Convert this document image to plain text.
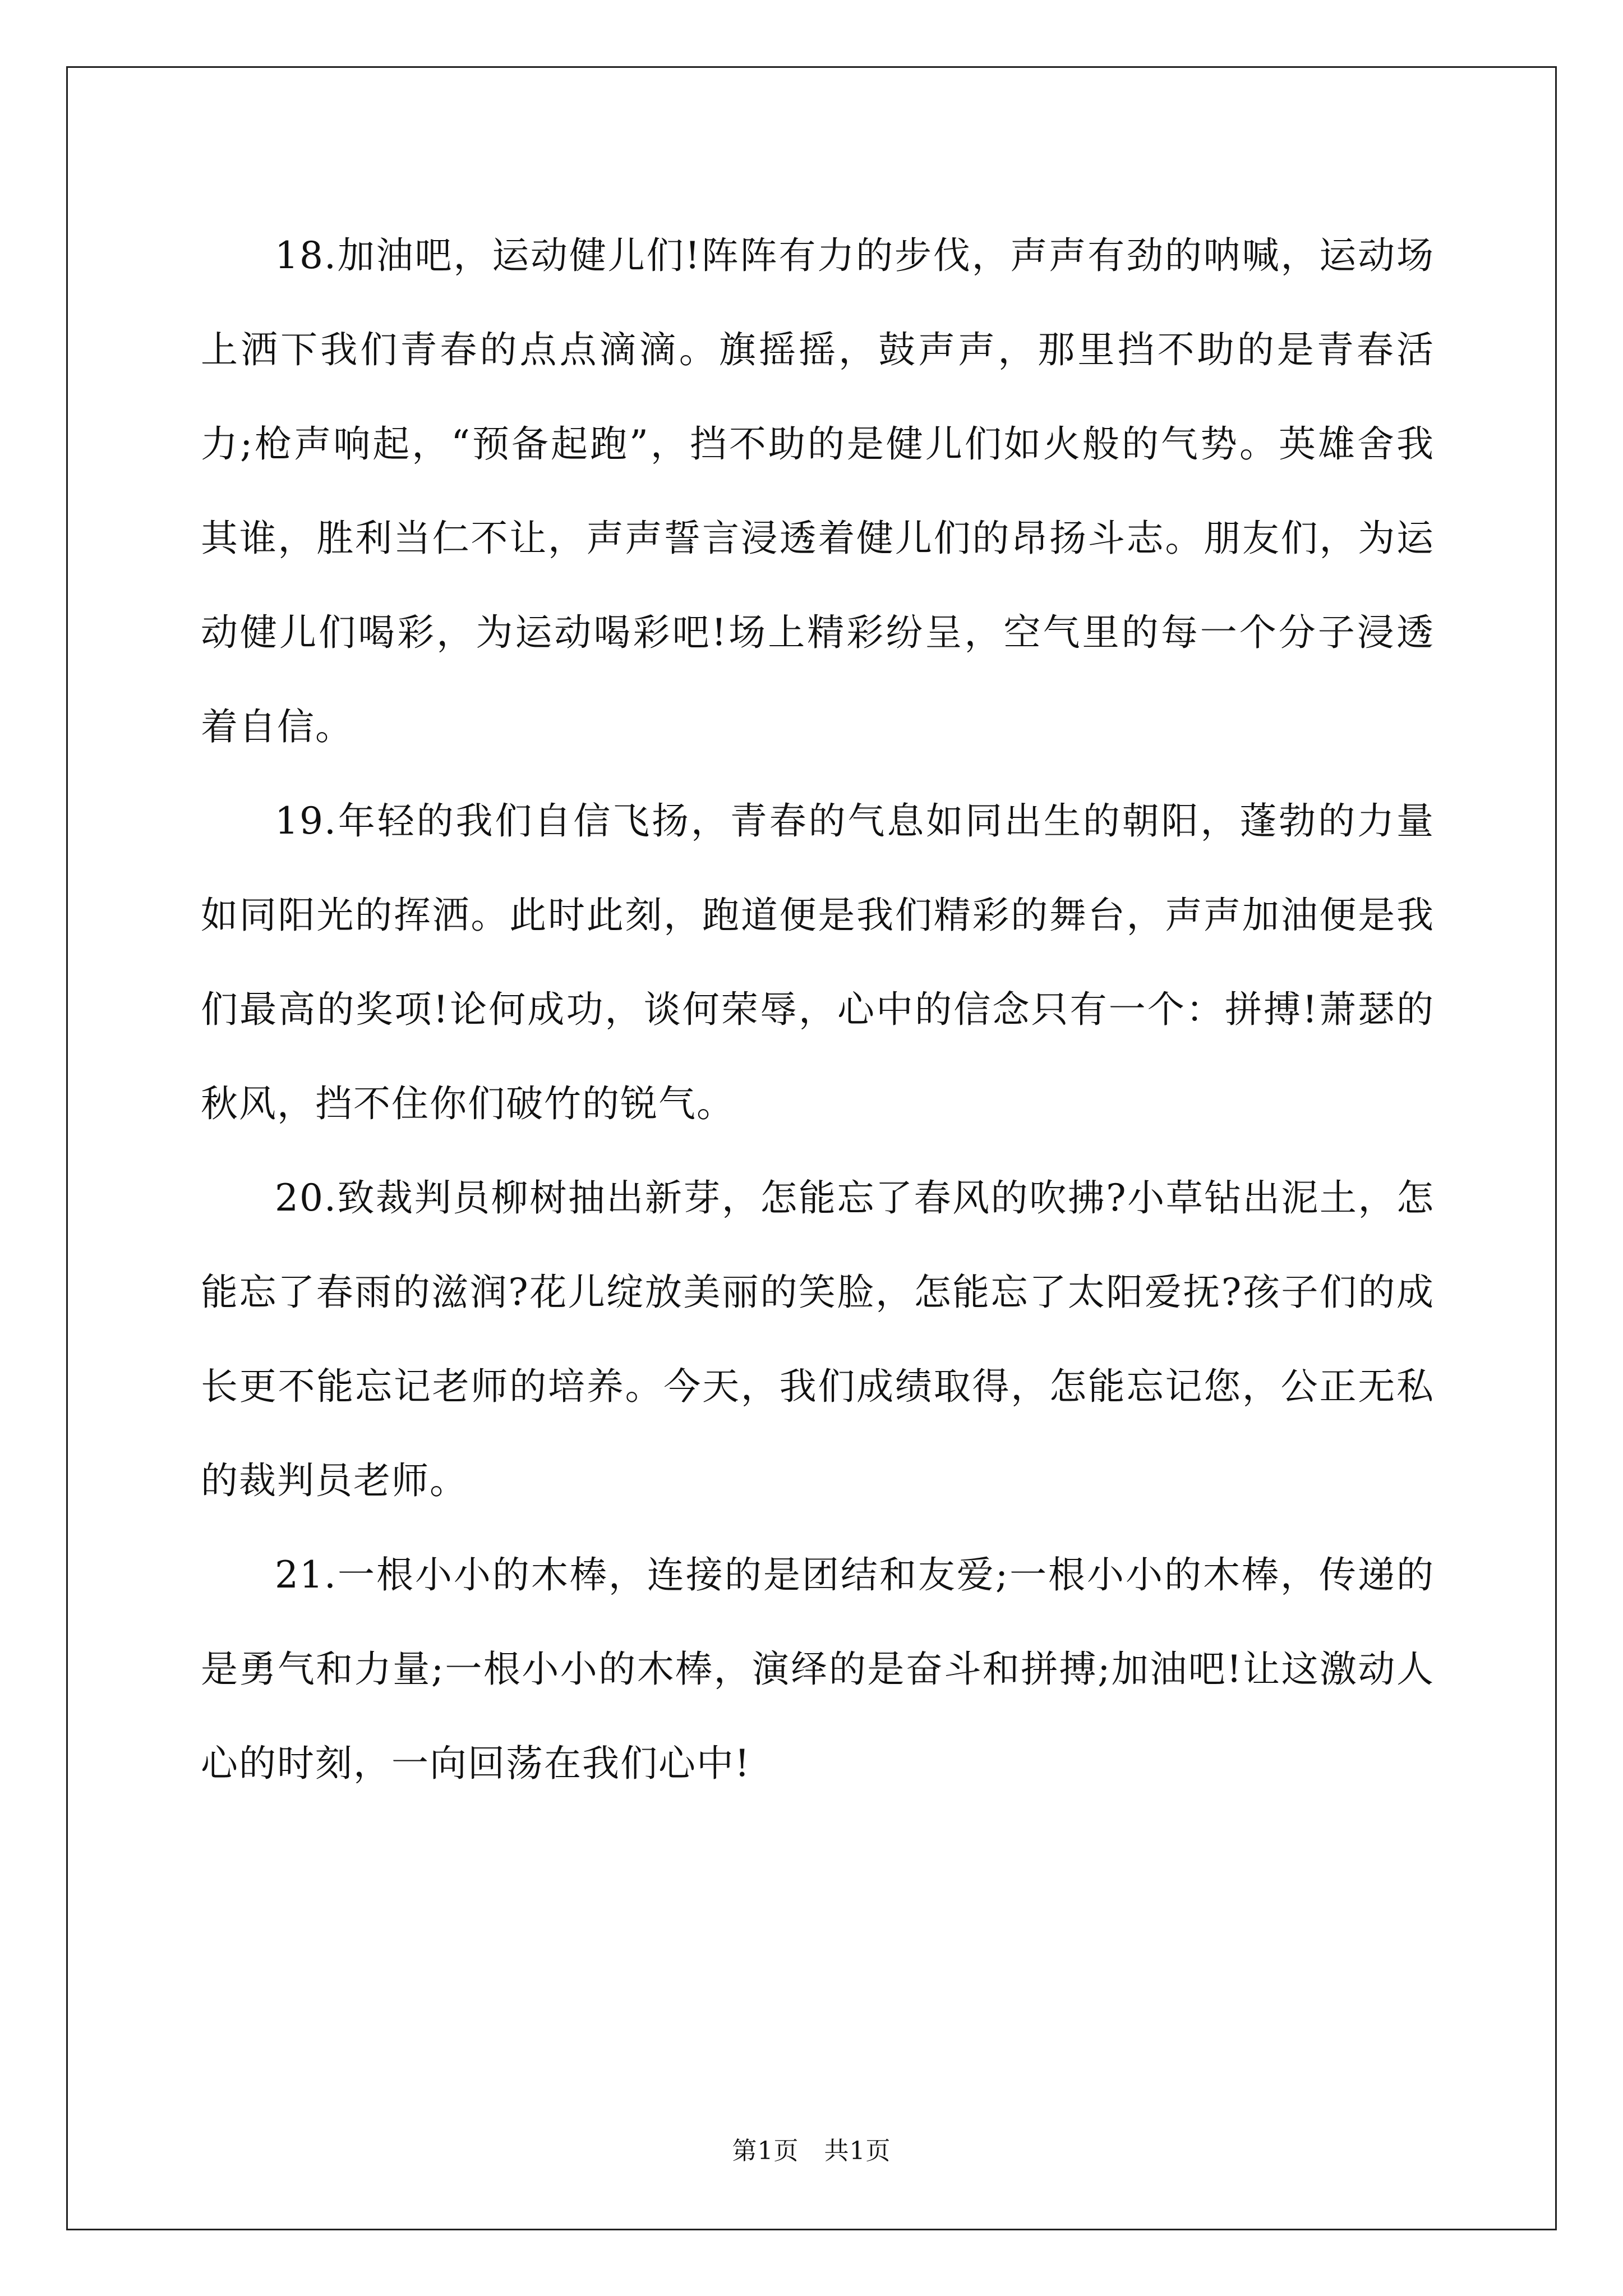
18.加油吧，运动健儿们!阵阵有力的步伐，声声有劲的呐喊，运动场上洒下我们青春的点点滴滴。旗摇摇，鼓声声，那里挡不助的是青春活力;枪声响起，“预备起跑”，挡不助的是健儿们如火般的气势。英雄舍我其谁，胜利当仁不让，声声誓言浸透着健儿们的昂扬斗志。朋友们，为运动健儿们喝彩，为运动喝彩吧!场上精彩纷呈，空气里的每一个分子浸透着自信。

19.年轻的我们自信飞扬，青春的气息如同出生的朝阳，蓬勃的力量如同阳光的挥洒。此时此刻，跑道便是我们精彩的舞台，声声加油便是我们最高的奖项!论何成功，谈何荣辱，心中的信念只有一个：拼搏!萧瑟的秋风，挡不住你们破竹的锐气。

20.致裁判员柳树抽出新芽，怎能忘了春风的吹拂?小草钻出泥土，怎能忘了春雨的滋润?花儿绽放美丽的笑脸，怎能忘了太阳爱抚?孩子们的成长更不能忘记老师的培养。今天，我们成绩取得，怎能忘记您，公正无私的裁判员老师。

21.一根小小的木棒，连接的是团结和友爱;一根小小的木棒，传递的是勇气和力量;一根小小的木棒，演绎的是奋斗和拼搏;加油吧!让这激动人心的时刻，一向回荡在我们心中!

第1页　共1页
